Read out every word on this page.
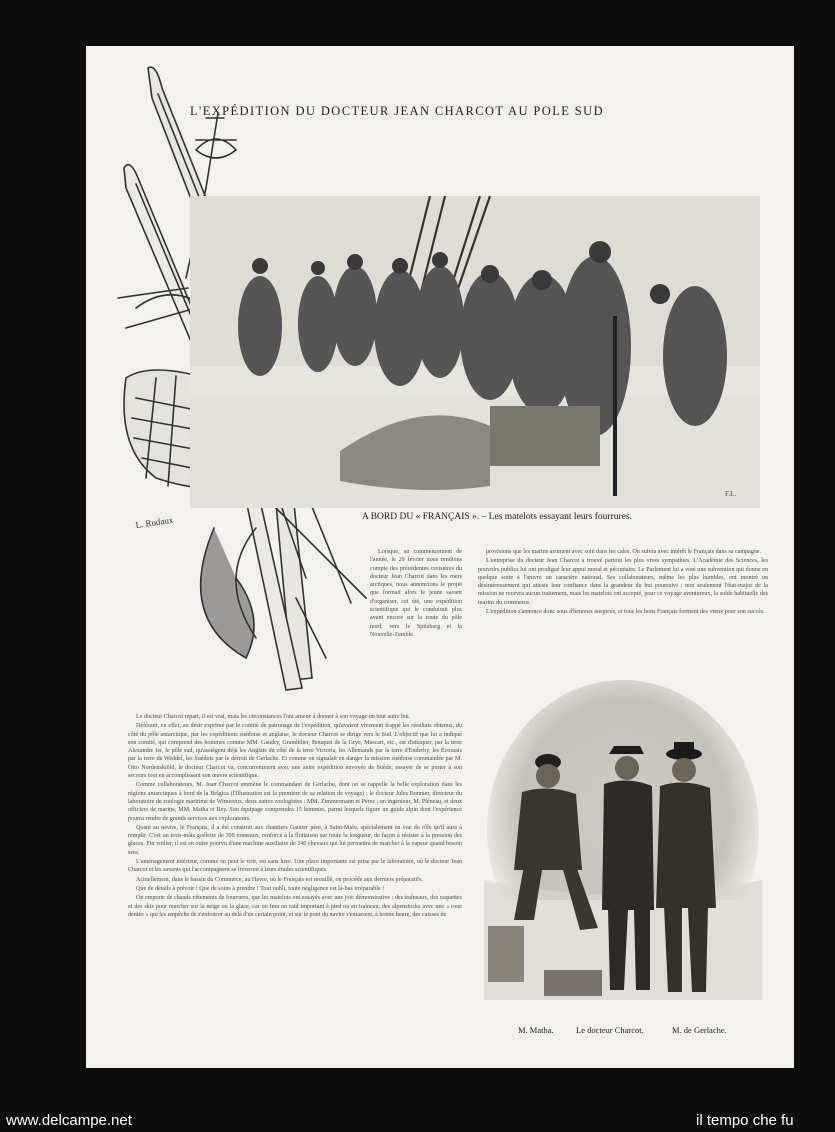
L'EXPÉDITION DU DOCTEUR JEAN CHARCOT AU POLE SUD
L. Rudaux
F.L.
A BORD DU « FRANÇAIS ». – Les matelots essayant leurs fourrures.

Lorsque, au commencement de l'année, le 29 février nous rendions compte des précédentes croisières du docteur Jean Charcot dans les mers arctiques, nous annoncions le projet que formait alors le jeune savant d'organiser, cet été, une expédition scientifique qui le conduirait plus avant encore sur la route du pôle nord, vers le Spitzberg et la Nouvelle-Zemble.

Le docteur Charcot repart, il est vrai, mais les circonstances l'ont amené à donner à son voyage un tout autre but.

Déférant, en effet, au désir exprimé par le comité de patronage de l'expédition, qu'avaient vivement frappé les résultats obtenus, du côté du pôle antarctique, par les expéditions suédoise et anglaise, le docteur Charcot se dirige vers le Sud. L'objectif que lui a indiqué son comité, qui comprend des hommes comme MM. Gaudry, Grandidier, Bouquet de la Grye, Mascart, etc., est d'attaquer, par la terre Alexandre Ier, le pôle sud, qu'assiègent déjà les Anglais du côté de la terre Victoria, les Allemands par la terre d'Enderby, les Écossais par la terre de Weddel, les Suédois par le détroit de Gerlache. Et comme on signalait en danger la mission suédoise commandée par M. Otto Nordenskiöld, le docteur Charcot va, concurremment avec une autre expédition envoyée de Suède, essayer de se porter à son secours tout en accomplissant son œuvre scientifique.

Comme collaborateurs, M. Jean Charcot emmène le commandant de Gerlache, dont on se rappelle la belle exploration dans les régions antarctiques à bord de la Belgica (l'Illustration est la première de sa relation de voyage) ; le docteur Jules Bonnier, directeur du laboratoire de zoologie maritime de Wimereux, deux autres zoologistes : MM. Zimmermann et Pérez ; un ingénieur, M. Pléneau, et deux officiers de marine, MM. Matha et Rey. Son équipage comprendra 15 hommes, parmi lesquels figure un guide alpin dont l'expérience pourra rendre de grands services aux explorateurs.

Quant au navire, le Français, il a été construit aux chantiers Gautier père, à Saint-Malo, spécialement en vue du rôle qu'il aura à remplir. C'est un trois-mâts goélette de 300 tonneaux, renforcé à la flottaison sur toute la longueur, de façon à résister à la pression des glaces. Fin voilier, il est en outre pourvu d'une machine auxiliaire de 240 chevaux qui lui permettra de marcher à la vapeur quand besoin sera.

L'aménagement intérieur, comme on peut le voir, est sans luxe. Une place importante est prise par le laboratoire, où le docteur Jean Charcot et les savants qui l'accompagnent se livreront à leurs études scientifiques.

Actuellement, dans le bassin du Commerce, au Havre, où le Français est mouillé, on procède aux derniers préparatifs.

Que de détails à prévoir ! Que de soins à prendre ! Tout oubli, toute négligence est là-bas irréparable !

On emporte de chauds vêtements de fourrures, que les matelots ont essayés avec une joie démonstrative ; des traîneaux, des raquettes et des skis pour marcher sur la neige ou la glace, car on fera un raid important à pied ou en traîneau, des alpenstocks avec une « roue dentée » qui les empêche de s'enfoncer au delà d'un certain point, et sur le pont du navire s'entassent, à bonne heure, des caisses de

provisions que les marins arriment avec soin dans les cales. On suivra avec intérêt le Français dans sa campagne.

L'entreprise du docteur Jean Charcot a trouvé partout les plus vives sympathies. L'Académie des Sciences, les pouvoirs publics lui ont prodigué leur appui moral et pécuniaire. Le Parlement lui a voté une subvention qui donne en quelque sorte à l'œuvre un caractère national. Ses collaborateurs, même les plus humbles, ont montré un désintéressement qui atteste leur confiance dans la grandeur du but poursuivi ; non seulement l'état-major de la mission ne recevra aucun traitement, mais les matelots ont accepté, pour ce voyage aventureux, la solde habituelle des marins du commerce.

L'expédition s'annonce donc sous d'heureux auspices, et tous les bons Français forment des vœux pour son succès.

M. Matha.	Le docteur Charcot.	M. de Gerlache.
www.delcampe.net	il tempo che fu
